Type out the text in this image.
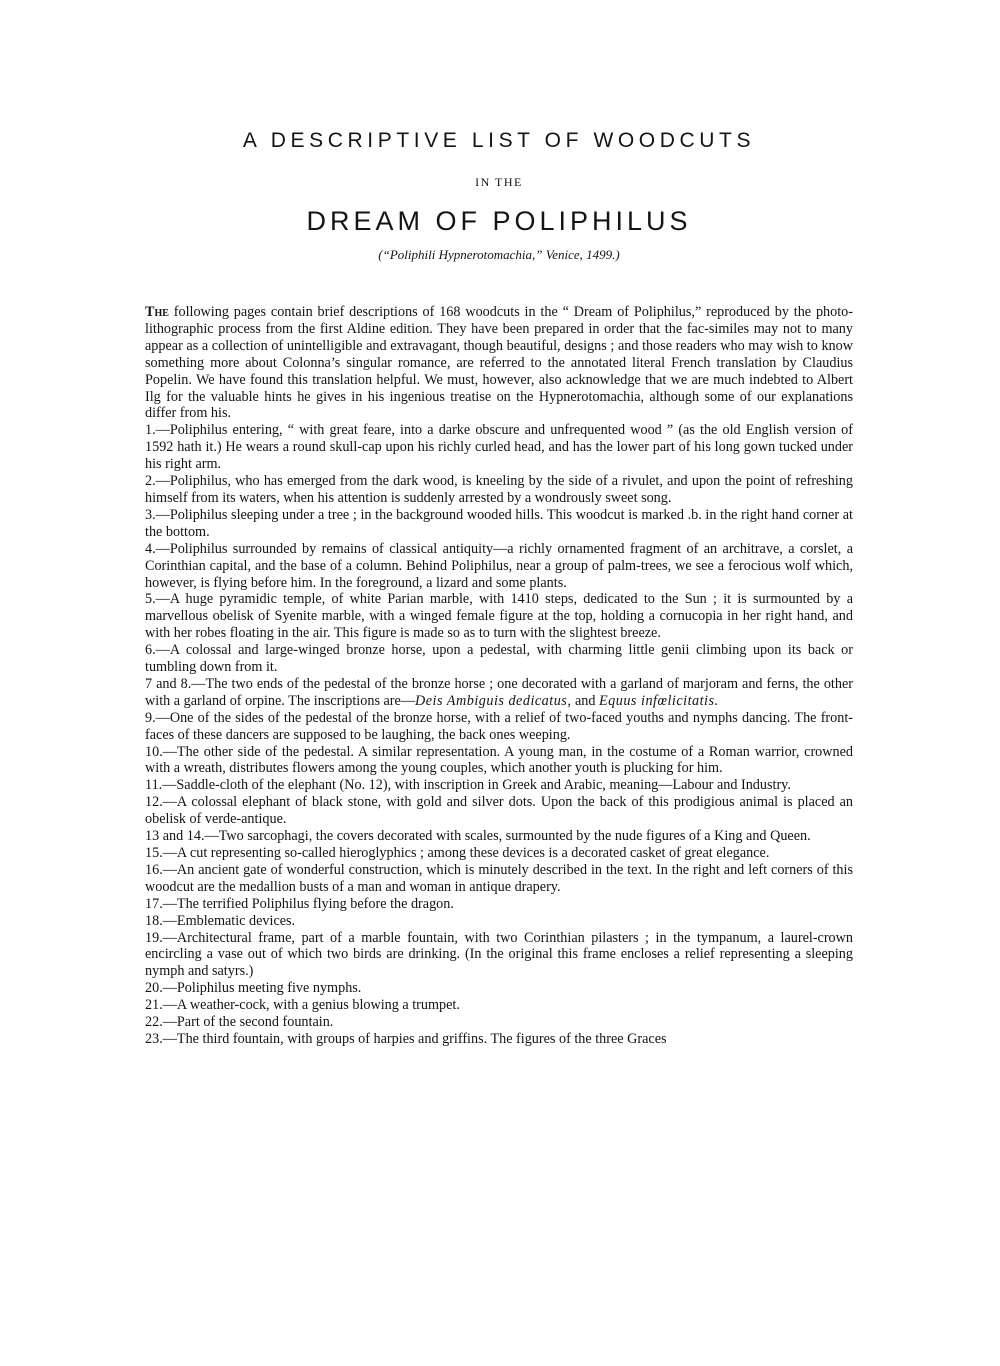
A DESCRIPTIVE LIST OF WOODCUTS
IN THE
DREAM OF POLIPHILUS
(“Poliphili Hypnerotomachia,” Venice, 1499.)

The following pages contain brief descriptions of 168 woodcuts in the “ Dream of Poliphilus,” reproduced by the photo-lithographic process from the first Aldine edition. They have been prepared in order that the fac-similes may not to many appear as a collection of unintelligible and extravagant, though beautiful, designs ; and those readers who may wish to know something more about Colonna’s singular romance, are referred to the annotated literal French translation by Claudius Popelin. We have found this translation helpful. We must, however, also acknowledge that we are much indebted to Albert Ilg for the valuable hints he gives in his ingenious treatise on the Hypnerotomachia, although some of our explanations differ from his.

1.—Poliphilus entering, “ with great feare, into a darke obscure and unfrequented wood ” (as the old English version of 1592 hath it.) He wears a round skull-cap upon his richly curled head, and has the lower part of his long gown tucked under his right arm.

2.—Poliphilus, who has emerged from the dark wood, is kneeling by the side of a rivulet, and upon the point of refreshing himself from its waters, when his attention is suddenly arrested by a wondrously sweet song.

3.—Poliphilus sleeping under a tree ; in the background wooded hills. This woodcut is marked .b. in the right hand corner at the bottom.

4.—Poliphilus surrounded by remains of classical antiquity—a richly ornamented fragment of an architrave, a corslet, a Corinthian capital, and the base of a column. Behind Poliphilus, near a group of palm-trees, we see a ferocious wolf which, however, is flying before him. In the foreground, a lizard and some plants.

5.—A huge pyramidic temple, of white Parian marble, with 1410 steps, dedicated to the Sun ; it is surmounted by a marvellous obelisk of Syenite marble, with a winged female figure at the top, holding a cornucopia in her right hand, and with her robes floating in the air. This figure is made so as to turn with the slightest breeze.

6.—A colossal and large-winged bronze horse, upon a pedestal, with charming little genii climbing upon its back or tumbling down from it.

7 and 8.—The two ends of the pedestal of the bronze horse ; one decorated with a garland of marjoram and ferns, the other with a garland of orpine. The inscriptions are—Deis Ambiguis dedicatus, and Equus infœlicitatis.

9.—One of the sides of the pedestal of the bronze horse, with a relief of two-faced youths and nymphs dancing. The front-faces of these dancers are supposed to be laughing, the back ones weeping.

10.—The other side of the pedestal. A similar representation. A young man, in the costume of a Roman warrior, crowned with a wreath, distributes flowers among the young couples, which another youth is plucking for him.

11.—Saddle-cloth of the elephant (No. 12), with inscription in Greek and Arabic, meaning—Labour and Industry.

12.—A colossal elephant of black stone, with gold and silver dots. Upon the back of this prodigious animal is placed an obelisk of verde-antique.

13 and 14.—Two sarcophagi, the covers decorated with scales, surmounted by the nude figures of a King and Queen.

15.—A cut representing so-called hieroglyphics ; among these devices is a decorated casket of great elegance.

16.—An ancient gate of wonderful construction, which is minutely described in the text. In the right and left corners of this woodcut are the medallion busts of a man and woman in antique drapery.

17.—The terrified Poliphilus flying before the dragon.

18.—Emblematic devices.

19.—Architectural frame, part of a marble fountain, with two Corinthian pilasters ; in the tympanum, a laurel-crown encircling a vase out of which two birds are drinking. (In the original this frame encloses a relief representing a sleeping nymph and satyrs.)

20.—Poliphilus meeting five nymphs.

21.—A weather-cock, with a genius blowing a trumpet.

22.—Part of the second fountain.

23.—The third fountain, with groups of harpies and griffins. The figures of the three Graces
